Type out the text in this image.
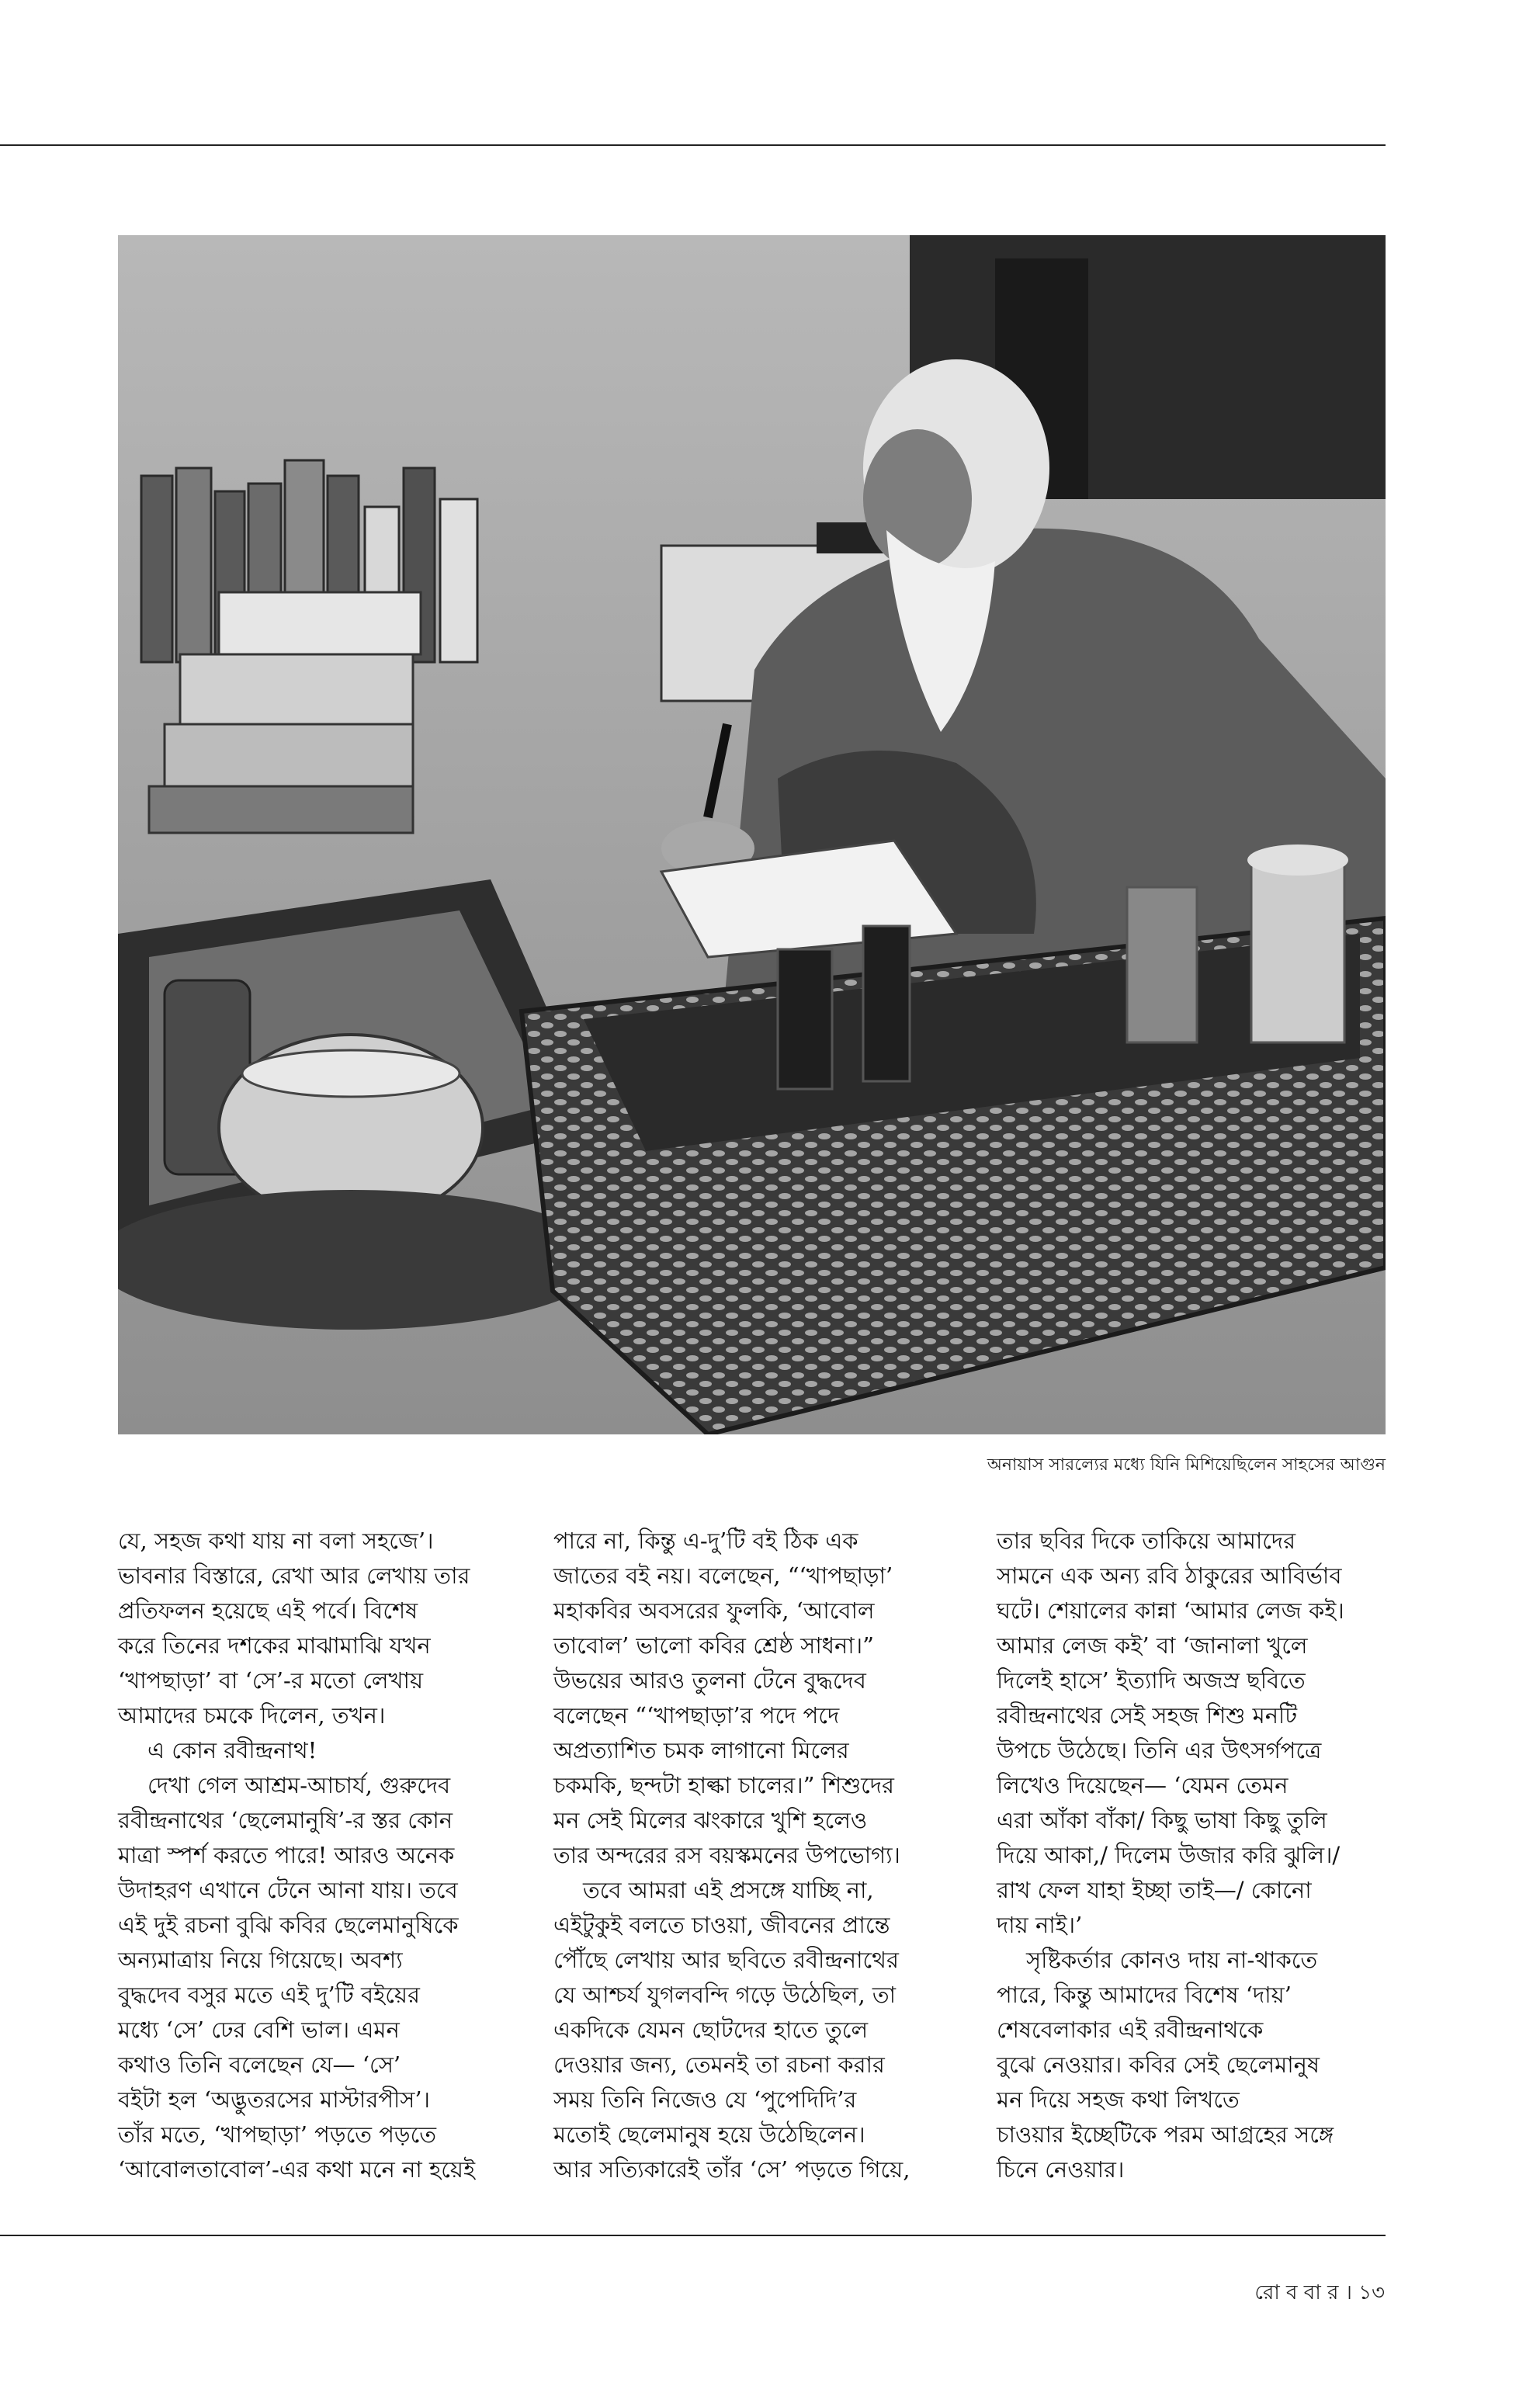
অনায়াস সারল্যের মধ্যে যিনি মিশিয়েছিলেন সাহসের আগুন

যে, সহজ কথা যায় না বলা সহজে’।

ভাবনার বিস্তারে, রেখা আর লেখায় তার

প্রতিফলন হয়েছে এই পর্বে। বিশেষ

করে তিনের দশকের মাঝামাঝি যখন

‘খাপছাড়া’ বা ‘সে’-র মতো লেখায়

আমাদের চমকে দিলেন, তখন।

এ কোন রবীন্দ্রনাথ!

দেখা গেল আশ্রম-আচার্য, গুরুদেব

রবীন্দ্রনাথের ‘ছেলেমানুষি’-র স্তর কোন

মাত্রা স্পর্শ করতে পারে! আরও অনেক

উদাহরণ এখানে টেনে আনা যায়। তবে

এই দুই রচনা বুঝি কবির ছেলেমানুষিকে

অন্যমাত্রায় নিয়ে গিয়েছে। অবশ্য

বুদ্ধদেব বসুর মতে এই দু’টি বইয়ের

মধ্যে ‘সে’ ঢের বেশি ভাল। এমন

কথাও তিনি বলেছেন যে— ‘সে’

বইটা হল ‘অদ্ভুতরসের মাস্টারপীস’।

তাঁর মতে, ‘খাপছাড়া’ পড়তে পড়তে

‘আবোলতাবোল’-এর কথা মনে না হয়েই

পারে না, কিন্তু এ-দু’টি বই ঠিক এক

জাতের বই নয়। বলেছেন, “‘খাপছাড়া’

মহাকবির অবসরের ফুলকি, ‘আবোল

তাবোল’ ভালো কবির শ্রেষ্ঠ সাধনা।”

উভয়ের আরও তুলনা টেনে বুদ্ধদেব

বলেছেন “‘খাপছাড়া’র পদে পদে

অপ্রত্যাশিত চমক লাগানো মিলের

চকমকি, ছন্দটা হাল্কা চালের।” শিশুদের

মন সেই মিলের ঝংকারে খুশি হলেও

তার অন্দরের রস বয়স্কমনের উপভোগ্য।

তবে আমরা এই প্রসঙ্গে যাচ্ছি না,

এইটুকুই বলতে চাওয়া, জীবনের প্রান্তে

পৌঁছে লেখায় আর ছবিতে রবীন্দ্রনাথের

যে আশ্চর্য যুগলবন্দি গড়ে উঠেছিল, তা

একদিকে যেমন ছোটদের হাতে তুলে

দেওয়ার জন্য, তেমনই তা রচনা করার

সময় তিনি নিজেও যে ‘পুপেদিদি’র

মতোই ছেলেমানুষ হয়ে উঠেছিলেন।

আর সত্যিকারেই তাঁর ‘সে’ পড়তে গিয়ে,

তার ছবির দিকে তাকিয়ে আমাদের

সামনে এক অন্য রবি ঠাকুরের আবির্ভাব

ঘটে। শেয়ালের কান্না ‘আমার লেজ কই।

আমার লেজ কই’ বা ‘জানালা খুলে

দিলেই হাসে’ ইত্যাদি অজস্র ছবিতে

রবীন্দ্রনাথের সেই সহজ শিশু মনটি

উপচে উঠেছে। তিনি এর উৎসর্গপত্রে

লিখেও দিয়েছেন— ‘যেমন তেমন

এরা আঁকা বাঁকা/ কিছু ভাষা কিছু তুলি

দিয়ে আকা,/ দিলেম উজার করি ঝুলি।/

রাখ ফেল যাহা ইচ্ছা তাই—/ কোনো

দায় নাই।’

সৃষ্টিকর্তার কোনও দায় না-থাকতে

পারে, কিন্তু আমাদের বিশেষ ‘দায়’

শেষবেলাকার এই রবীন্দ্রনাথকে

বুঝে নেওয়ার। কবির সেই ছেলেমানুষ

মন দিয়ে সহজ কথা লিখতে

চাওয়ার ইচ্ছেটিকে পরম আগ্রহের সঙ্গে

চিনে নেওয়ার।

রো ব বা র । ১৩
